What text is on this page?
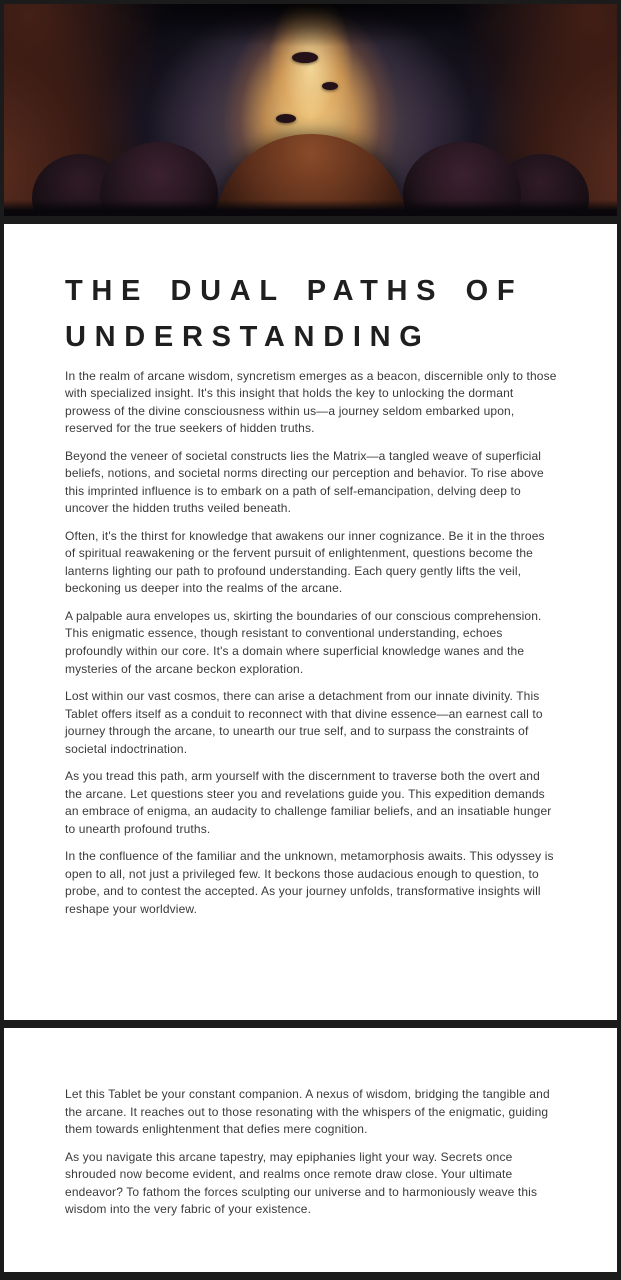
THE DUAL PATHS OF
UNDERSTANDING

In the realm of arcane wisdom, syncretism emerges as a beacon, discernible only to those with specialized insight. It's this insight that holds the key to unlocking the dormant prowess of the divine consciousness within us—a journey seldom embarked upon, reserved for the true seekers of hidden truths.

Beyond the veneer of societal constructs lies the Matrix—a tangled weave of superficial beliefs, notions, and societal norms directing our perception and behavior. To rise above this imprinted influence is to embark on a path of self-emancipation, delving deep to uncover the hidden truths veiled beneath.

Often, it's the thirst for knowledge that awakens our inner cognizance. Be it in the throes of spiritual reawakening or the fervent pursuit of enlightenment, questions become the lanterns lighting our path to profound understanding. Each query gently lifts the veil, beckoning us deeper into the realms of the arcane.

A palpable aura envelopes us, skirting the boundaries of our conscious comprehension. This enigmatic essence, though resistant to conventional understanding, echoes profoundly within our core. It's a domain where superficial knowledge wanes and the mysteries of the arcane beckon exploration.

Lost within our vast cosmos, there can arise a detachment from our innate divinity. This Tablet offers itself as a conduit to reconnect with that divine essence—an earnest call to journey through the arcane, to unearth our true self, and to surpass the constraints of societal indoctrination.

As you tread this path, arm yourself with the discernment to traverse both the overt and the arcane. Let questions steer you and revelations guide you. This expedition demands an embrace of enigma, an audacity to challenge familiar beliefs, and an insatiable hunger to unearth profound truths.

In the confluence of the familiar and the unknown, metamorphosis awaits. This odyssey is open to all, not just a privileged few. It beckons those audacious enough to question, to probe, and to contest the accepted. As your journey unfolds, transformative insights will reshape your worldview.

Let this Tablet be your constant companion. A nexus of wisdom, bridging the tangible and the arcane. It reaches out to those resonating with the whispers of the enigmatic, guiding them towards enlightenment that defies mere cognition.

As you navigate this arcane tapestry, may epiphanies light your way. Secrets once shrouded now become evident, and realms once remote draw close. Your ultimate endeavor? To fathom the forces sculpting our universe and to harmoniously weave this wisdom into the very fabric of your existence.
